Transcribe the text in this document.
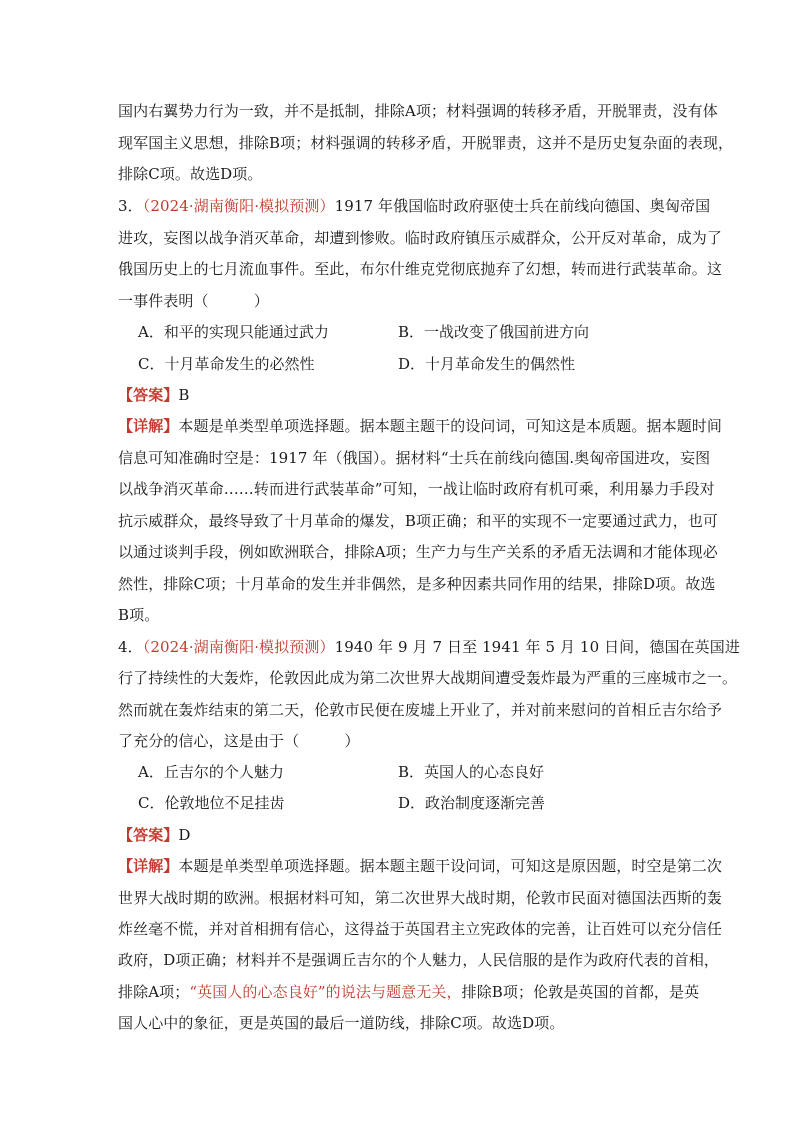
国内右翼势力行为一致，并不是抵制，排除A项；材料强调的转移矛盾，开脱罪责，没有体
现军国主义思想，排除B项；材料强调的转移矛盾，开脱罪责，这并不是历史复杂面的表现，
排除C项。故选D项。
3．（2024·湖南衡阳·模拟预测）1917 年俄国临时政府驱使士兵在前线向德国、奥匈帝国
进攻，妄图以战争消灭革命，却遭到惨败。临时政府镇压示威群众，公开反对革命，成为了
俄国历史上的七月流血事件。至此，布尔什维克党彻底抛弃了幻想，转而进行武装革命。这
一事件表明（　　　）
A．和平的实现只能通过武力	B．一战改变了俄国前进方向
C．十月革命发生的必然性	D．十月革命发生的偶然性
【答案】B
【详解】本题是单类型单项选择题。据本题主题干的设问词，可知这是本质题。据本题时间
信息可知准确时空是：1917 年（俄国）。据材料“士兵在前线向德国.奥匈帝国进攻，妄图
以战争消灭革命……转而进行武装革命”可知，一战让临时政府有机可乘，利用暴力手段对
抗示威群众，最终导致了十月革命的爆发，B项正确；和平的实现不一定要通过武力，也可
以通过谈判手段，例如欧洲联合，排除A项；生产力与生产关系的矛盾无法调和才能体现必
然性，排除C项；十月革命的发生并非偶然，是多种因素共同作用的结果，排除D项。故选
B项。
4．（2024·湖南衡阳·模拟预测）1940 年 9 月 7 日至 1941 年 5 月 10 日间，德国在英国进
行了持续性的大轰炸，伦敦因此成为第二次世界大战期间遭受轰炸最为严重的三座城市之一。
然而就在轰炸结束的第二天，伦敦市民便在废墟上开业了，并对前来慰问的首相丘吉尔给予
了充分的信心，这是由于（　　　）
A．丘吉尔的个人魅力	B．英国人的心态良好
C．伦敦地位不足挂齿	D．政治制度逐渐完善
【答案】D
【详解】本题是单类型单项选择题。据本题主题干设问词，可知这是原因题，时空是第二次
世界大战时期的欧洲。根据材料可知，第二次世界大战时期，伦敦市民面对德国法西斯的轰
炸丝毫不慌，并对首相拥有信心，这得益于英国君主立宪政体的完善，让百姓可以充分信任
政府，D项正确；材料并不是强调丘吉尔的个人魅力，人民信服的是作为政府代表的首相，
排除A项；“英国人的心态良好”的说法与题意无关，排除B项；伦敦是英国的首都，是英
国人心中的象征，更是英国的最后一道防线，排除C项。故选D项。
